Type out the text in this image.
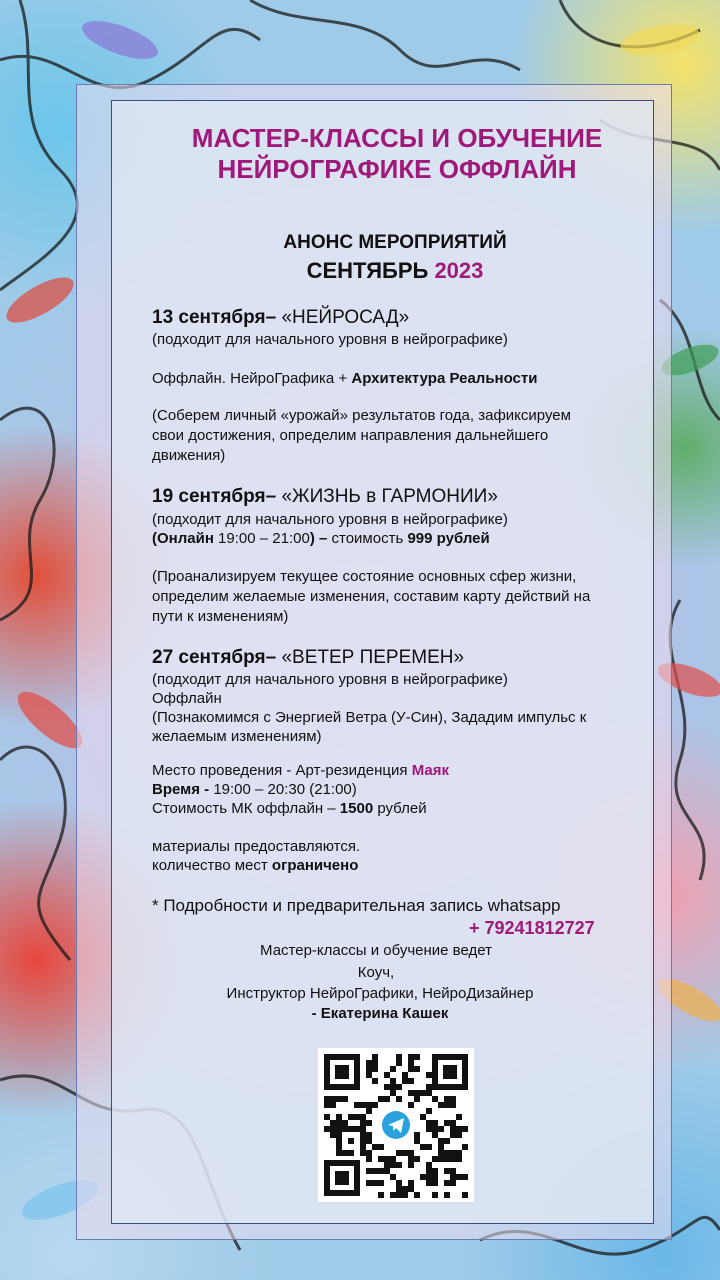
МАСТЕР-КЛАССЫ И ОБУЧЕНИЕ
НЕЙРОГРАФИКЕ ОФФЛАЙН
АНОНС МЕРОПРИЯТИЙ
СЕНТЯБРЬ 2023
13 сентября– «НЕЙРОСАД»
(подходит для начального уровня в нейрографике)
Оффлайн. НейроГрафика + Архитектура Реальности
(Соберем личный «урожай» результатов года, зафиксируем
свои достижения, определим направления дальнейшего
движения)
19 сентября– «ЖИЗНЬ в ГАРМОНИИ»
(подходит для начального уровня в нейрографике)
(Онлайн 19:00 – 21:00) – стоимость 999 рублей
(Проанализируем текущее состояние основных сфер жизни,
определим желаемые изменения, составим карту действий на
пути к изменениям)
27 сентября– «ВЕТЕР ПЕРЕМЕН»
(подходит для начального уровня в нейрографике)
Оффлайн
(Познакомимся с Энергией Ветра (У-Син), Зададим импульс к
желаемым изменениям)
Место проведения - Арт-резиденция Маяк
Время - 19:00 – 20:30 (21:00)
Стоимость МК оффлайн – 1500 рублей
материалы предоставляются.
количество мест ограничено
* Подробности и предварительная запись whatsapp
+ 79241812727
Мастер-классы и обучение ведет
Коуч,
Инструктор НейроГрафики, НейроДизайнер
- Екатерина Кашек
